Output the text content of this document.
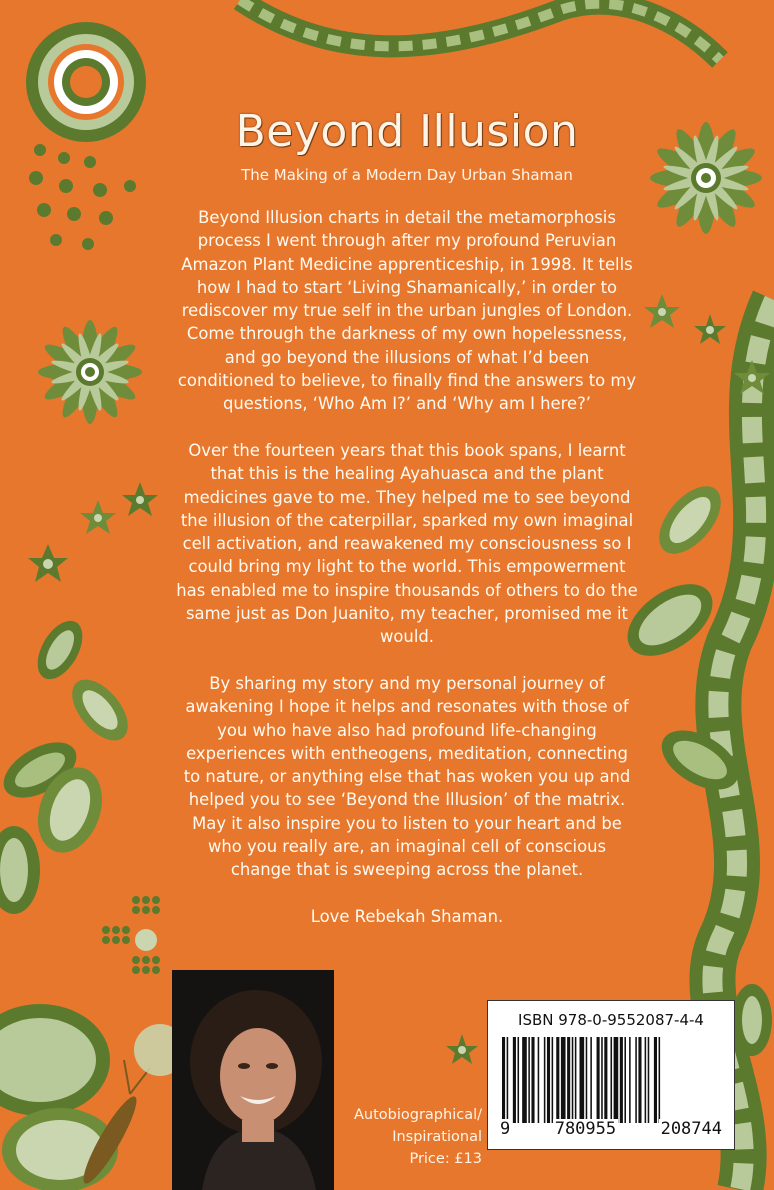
Beyond Illusion

The Making of a Modern Day Urban Shaman

Beyond Illusion charts in detail the metamorphosis process I went through after my profound Peruvian Amazon Plant Medicine apprenticeship, in 1998. It tells how I had to start ‘Living Shamanically,’ in order to rediscover my true self in the urban jungles of London. Come through the darkness of my own hopelessness, and go beyond the illusions of what I’d been conditioned to believe, to finally find the answers to my questions, ‘Who Am I?’ and ‘Why am I here?’

Over the fourteen years that this book spans, I learnt that this is the healing Ayahuasca and the plant medicines gave to me. They helped me to see beyond the illusion of the caterpillar, sparked my own imaginal cell activation, and reawakened my consciousness so I could bring my light to the world. This empowerment has enabled me to inspire thousands of others to do the same just as Don Juanito, my teacher, promised me it would.

By sharing my story and my personal journey of awakening I hope it helps and resonates with those of you who have also had profound life-changing experiences with entheogens, meditation, connecting to nature, or anything else that has woken you up and helped you to see ‘Beyond the Illusion’ of the matrix. May it also inspire you to listen to your heart and be who you really are, an imaginal cell of conscious change that is sweeping across the planet.

Love Rebekah Shaman.

Autobiographical/
Inspirational
Price: £13
ISBN 978-0-9552087-4-4
9	780955	208744
